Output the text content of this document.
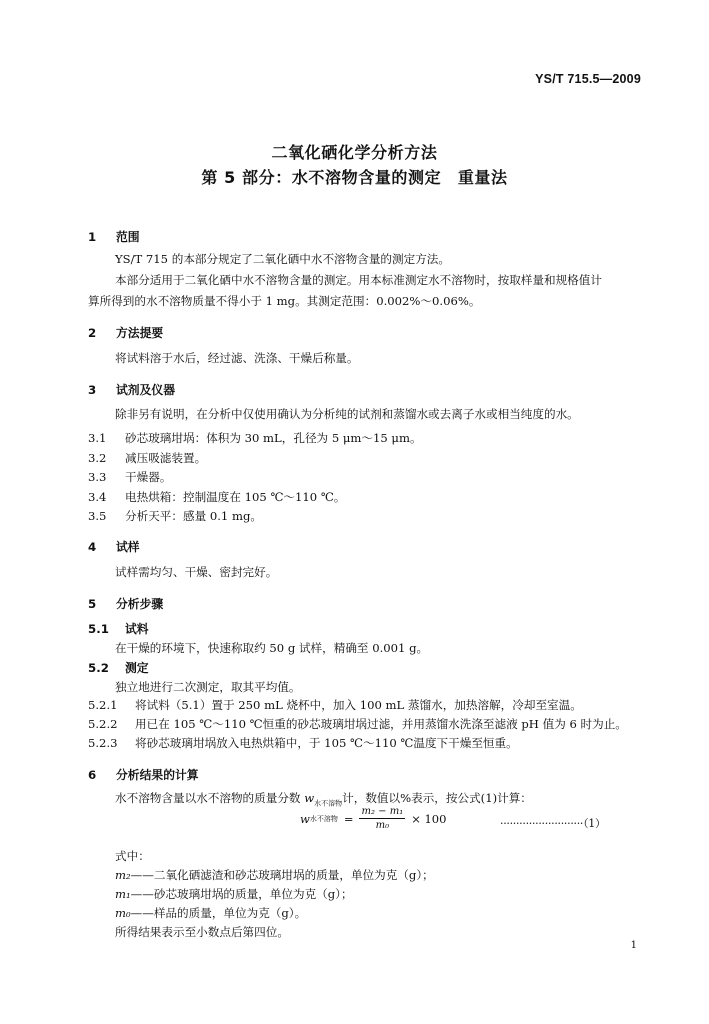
YS/T 715.5—2009
二氧化硒化学分析方法
第 5 部分：水不溶物含量的测定　重量法
1 范围
YS/T 715 的本部分规定了二氧化硒中水不溶物含量的测定方法。
本部分适用于二氧化硒中水不溶物含量的测定。用本标准测定水不溶物时，按取样量和规格值计
算所得到的水不溶物质量不得小于 1 mg。其测定范围：0.002%～0.06%。
2 方法提要
将试料溶于水后，经过滤、洗涤、干燥后称量。
3 试剂及仪器
除非另有说明，在分析中仅使用确认为分析纯的试剂和蒸馏水或去离子水或相当纯度的水。
3.1 砂芯玻璃坩埚：体积为 30 mL，孔径为 5 μm～15 μm。
3.2 减压吸滤装置。
3.3 干燥器。
3.4 电热烘箱：控制温度在 105 ℃～110 ℃。
3.5 分析天平：感量 0.1 mg。
4 试样
试样需均匀、干燥、密封完好。
5 分析步骤
5.1 试料
在干燥的环境下，快速称取约 50 g 试样，精确至 0.001 g。
5.2 测定
独立地进行二次测定，取其平均值。
5.2.1 将试料（5.1）置于 250 mL 烧杯中，加入 100 mL 蒸馏水，加热溶解，冷却至室温。
5.2.2 用已在 105 ℃～110 ℃恒重的砂芯玻璃坩埚过滤，并用蒸馏水洗涤至滤液 pH 值为 6 时为止。
5.2.3 将砂芯玻璃坩埚放入电热烘箱中，于 105 ℃～110 ℃温度下干燥至恒重。
6 分析结果的计算
水不溶物含量以水不溶物的质量分数 $w_{水不溶物}$计，数值以%表示，按公式(1)计算：
w 水不溶物 = $\frac{\text{m₂ − m₁}}{\text{m₀}} \times 100$	··························（1）
式中：
m₂——二氧化硒滤渣和砂芯玻璃坩埚的质量，单位为克（g）；
m₁——砂芯玻璃坩埚的质量，单位为克（g）；
m₀——样品的质量，单位为克（g）。
所得结果表示至小数点后第四位。
1
